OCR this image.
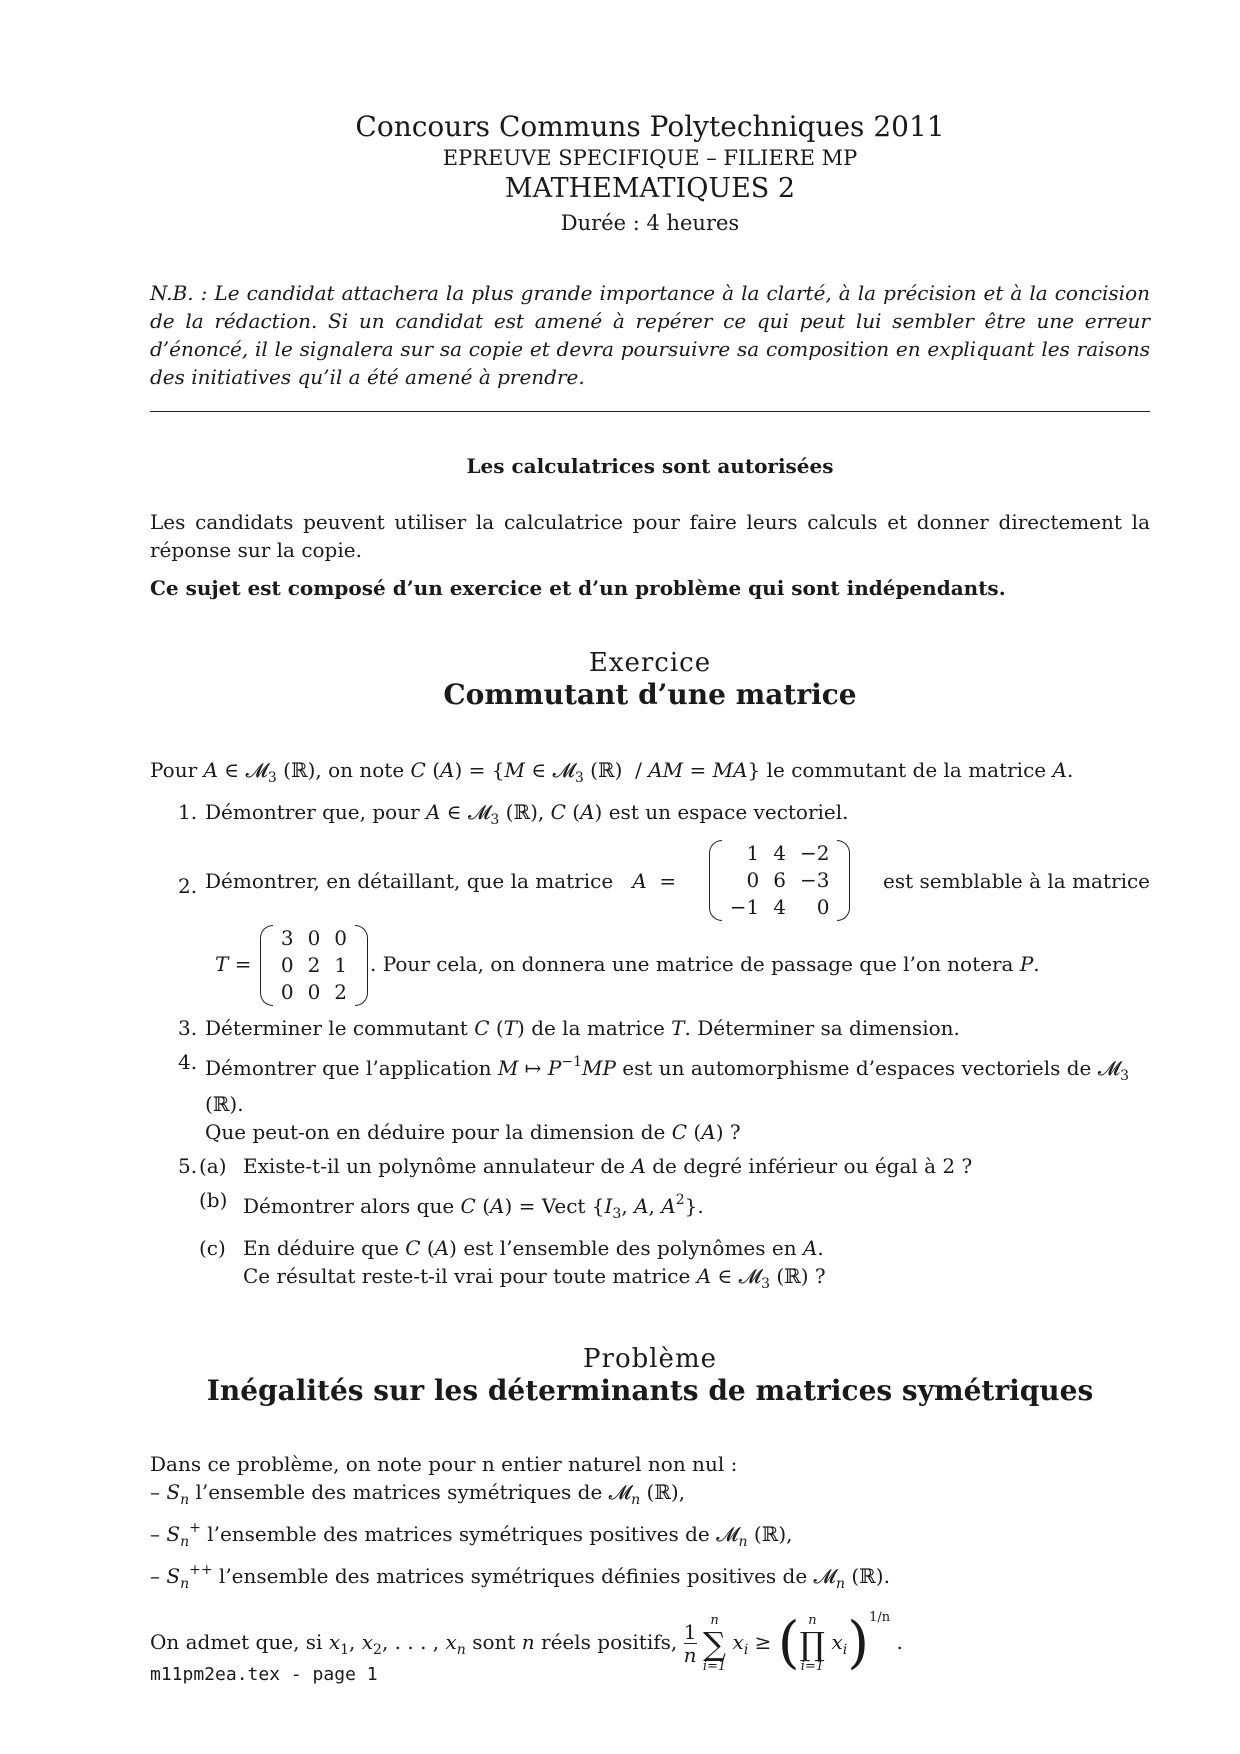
Concours Communs Polytechniques 2011
EPREUVE SPECIFIQUE – FILIERE MP
MATHEMATIQUES 2
Durée : 4 heures
N.B. : Le candidat attachera la plus grande importance à la clarté, à la précision et à la concision de la rédaction. Si un candidat est amené à repérer ce qui peut lui sembler être une erreur d’énoncé, il le signalera sur sa copie et devra poursuivre sa composition en expliquant les raisons des initiatives qu’il a été amené à prendre.
Les calculatrices sont autorisées
Les candidats peuvent utiliser la calculatrice pour faire leurs calculs et donner directement la réponse sur la copie.
Ce sujet est composé d’un exercice et d’un problème qui sont indépendants.
Exercice
Commutant d’une matrice
Pour A ∈ 𝓜$_3$ (ℝ), on note C (A) = {M ∈ 𝓜$_3$ (ℝ)  / AM = MA} le commutant de la matrice A.
1. Démontrer que, pour A ∈ 𝓜$_3$ (ℝ), C (A) est un espace vectoriel.
2. Démontrer, en détaillant, que la matrice A  =
1	4	−2
0	6	−3
−1	4	0
est semblable à la matrice
T =
3	0	0
0	2	1
0	0	2
. Pour cela, on donnera une matrice de passage que l’on notera P.
3. Déterminer le commutant C (T) de la matrice T. Déterminer sa dimension.
4. Démontrer que l’application M ↦ $P^{-1}MP$ est un automorphisme d’espaces vectoriels de 𝓜$_3$ (ℝ).
Que peut-on en déduire pour la dimension de C (A) ?
5. (a) Existe-t-il un polynôme annulateur de A de degré inférieur ou égal à 2 ?
(b) Démontrer alors que C (A) = Vect {$I_3$, A, $A^2$}.
(c) En déduire que C (A) est l’ensemble des polynômes en A.
Ce résultat reste-t-il vrai pour toute matrice A ∈ 𝓜$_3$ (ℝ) ?
Problème
Inégalités sur les déterminants de matrices symétriques
Dans ce problème, on note pour n entier naturel non nul :
– $S_n$ l’ensemble des matrices symétriques de 𝓜$_n$ (ℝ),
– $S_n^+$ l’ensemble des matrices symétriques positives de 𝓜$_n$ (ℝ),
– $S_n^{++}$ l’ensemble des matrices symétriques définies positives de 𝓜$_n$ (ℝ).
On admet que, si $x_1$, $x_2$, . . . , $x_n$ sont n réels positifs, $\frac{1}{n}$

n
∑
i=1
$x_i$ ≥ ( n
∏
i=1
$x_i)^{1/n}$ .
m11pm2ea.tex - page 1
